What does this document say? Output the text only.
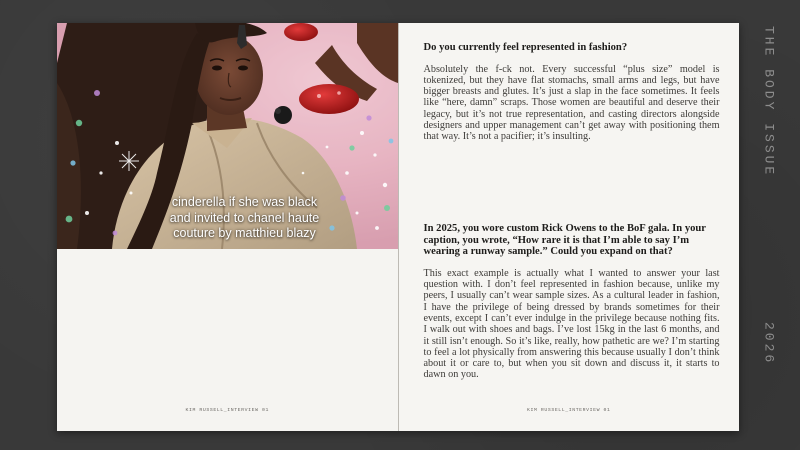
cinderella if she was black
and invited to chanel haute
couture by matthieu blazy
KIM RUSSELL_INTERVIEW 01

Do you currently feel represented in fashion?

Absolutely the f-ck not. Every successful “plus size” model is tokenized, but they have flat stomachs, small arms and legs, but have bigger breasts and glutes. It’s just a slap in the face sometimes. It feels like “here, damn” scraps. Those women are beautiful and deserve their legacy, but it’s not true representation, and casting directors alongside designers and upper management can’t get away with positioning them that way. It’s not a pacifier; it’s insulting.

In 2025, you wore custom Rick Owens to the BoF gala. In your caption, you wrote, “How rare it is that I’m able to say I’m wearing a runway sample.” Could you expand on that?

This exact example is actually what I wanted to answer your last question with. I don’t feel represented in fashion because, unlike my peers, I usually can’t wear sample sizes. As a cultural leader in fashion, I have the privilege of being dressed by brands sometimes for their events, except I can’t ever indulge in the privilege because nothing fits. I walk out with shoes and bags. I’ve lost 15kg in the last 6 months, and it still isn’t enough. So it’s like, really, how pathetic are we? I’m starting to feel a lot physically from answering this because usually I don’t think about it or care to, but when you sit down and discuss it, it starts to dawn on you.

KIM RUSSELL_INTERVIEW 01
THE BODY ISSUE
2026
